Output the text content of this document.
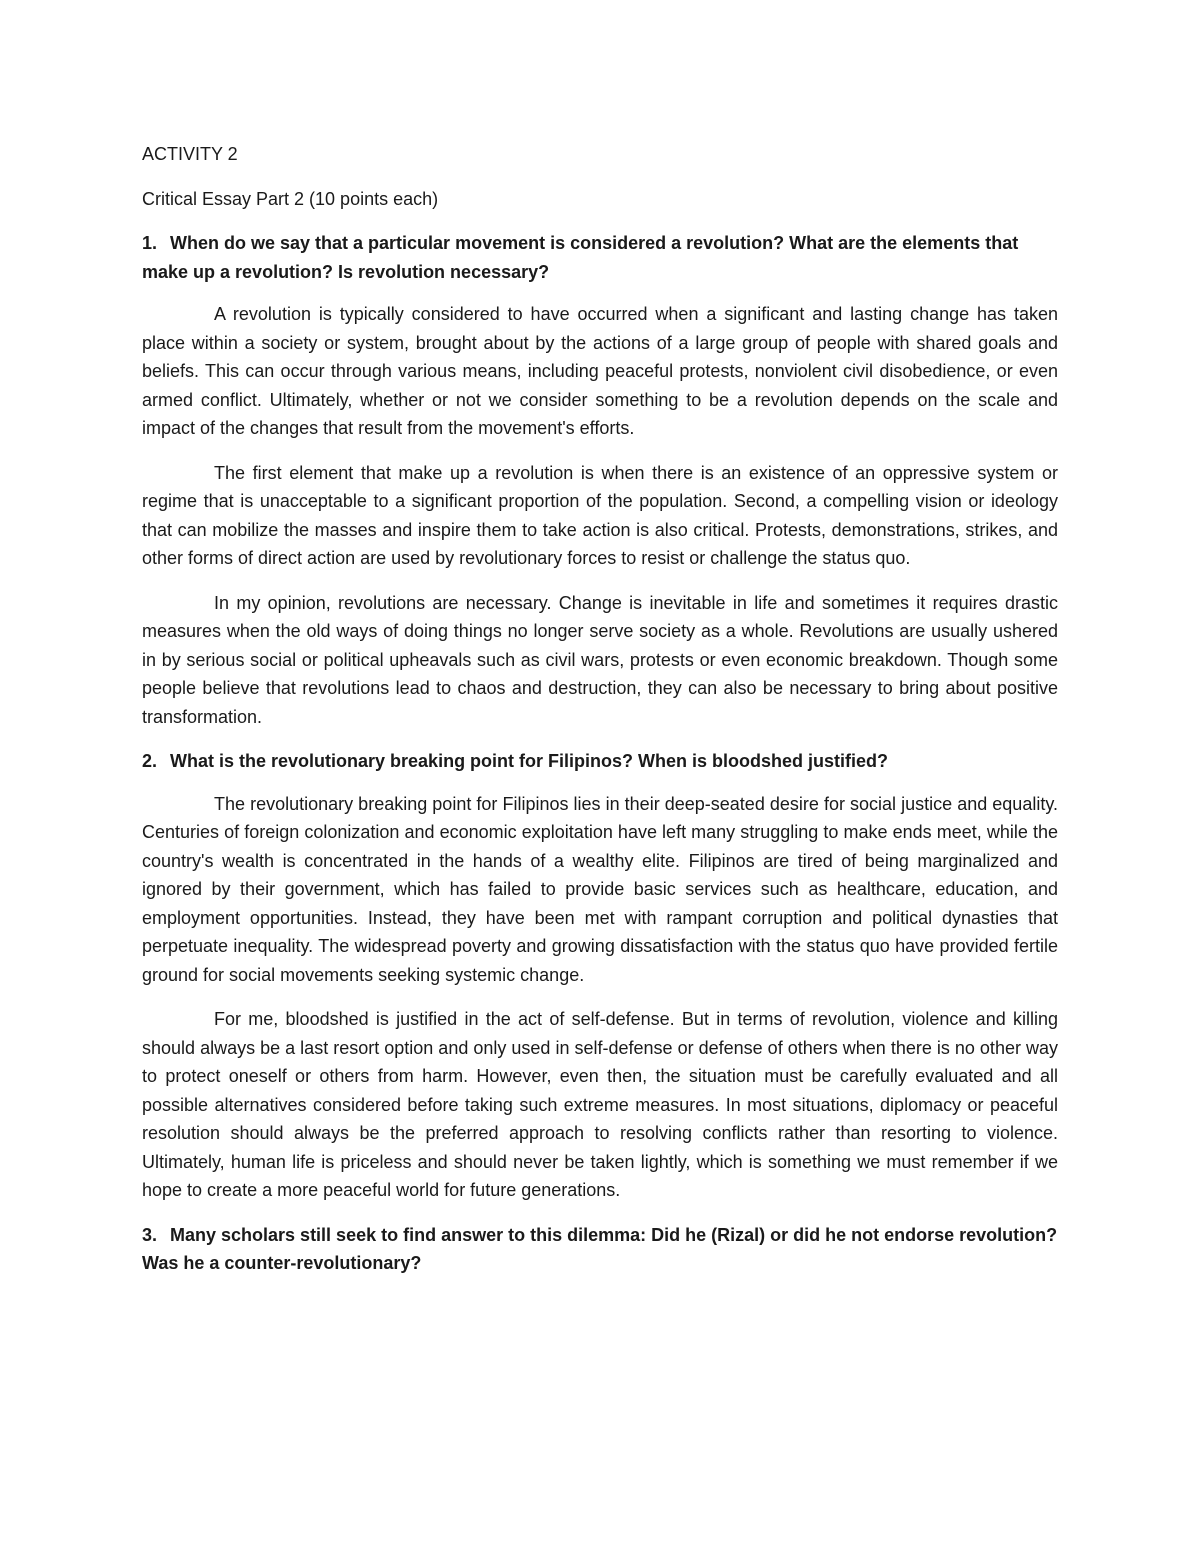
ACTIVITY 2

Critical Essay Part 2 (10 points each)

1. When do we say that a particular movement is considered a revolution? What are the elements that make up a revolution? Is revolution necessary?

A revolution is typically considered to have occurred when a significant and lasting change has taken place within a society or system, brought about by the actions of a large group of people with shared goals and beliefs. This can occur through various means, including peaceful protests, nonviolent civil disobedience, or even armed conflict. Ultimately, whether or not we consider something to be a revolution depends on the scale and impact of the changes that result from the movement's efforts.

The first element that make up a revolution is when there is an existence of an oppressive system or regime that is unacceptable to a significant proportion of the population. Second, a compelling vision or ideology that can mobilize the masses and inspire them to take action is also critical. Protests, demonstrations, strikes, and other forms of direct action are used by revolutionary forces to resist or challenge the status quo.

In my opinion, revolutions are necessary. Change is inevitable in life and sometimes it requires drastic measures when the old ways of doing things no longer serve society as a whole. Revolutions are usually ushered in by serious social or political upheavals such as civil wars, protests or even economic breakdown. Though some people believe that revolutions lead to chaos and destruction, they can also be necessary to bring about positive transformation.

2. What is the revolutionary breaking point for Filipinos? When is bloodshed justified?

The revolutionary breaking point for Filipinos lies in their deep-seated desire for social justice and equality. Centuries of foreign colonization and economic exploitation have left many struggling to make ends meet, while the country's wealth is concentrated in the hands of a wealthy elite. Filipinos are tired of being marginalized and ignored by their government, which has failed to provide basic services such as healthcare, education, and employment opportunities. Instead, they have been met with rampant corruption and political dynasties that perpetuate inequality. The widespread poverty and growing dissatisfaction with the status quo have provided fertile ground for social movements seeking systemic change.

For me, bloodshed is justified in the act of self-defense. But in terms of revolution, violence and killing should always be a last resort option and only used in self-defense or defense of others when there is no other way to protect oneself or others from harm. However, even then, the situation must be carefully evaluated and all possible alternatives considered before taking such extreme measures. In most situations, diplomacy or peaceful resolution should always be the preferred approach to resolving conflicts rather than resorting to violence. Ultimately, human life is priceless and should never be taken lightly, which is something we must remember if we hope to create a more peaceful world for future generations.

3. Many scholars still seek to find answer to this dilemma: Did he (Rizal) or did he not endorse revolution? Was he a counter-revolutionary?
